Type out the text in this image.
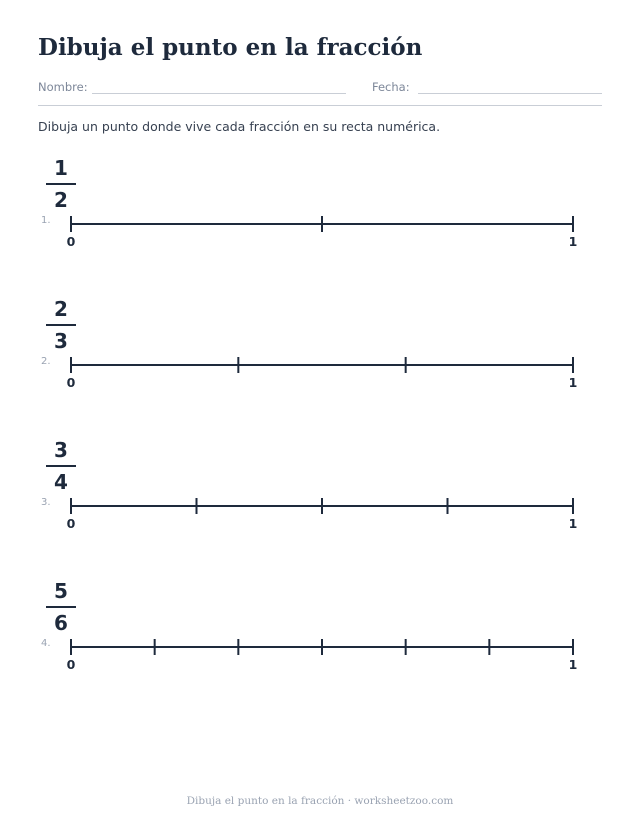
Dibuja el punto en la fracción
Nombre:	Fecha:
Dibuja un punto donde vive cada fracción en su recta numérica.
1
2
1.
0	1
2
3
2.
0	1
3
4
3.
0	1
5
6
4.
0	1
Dibuja el punto en la fracción · worksheetzoo.com
